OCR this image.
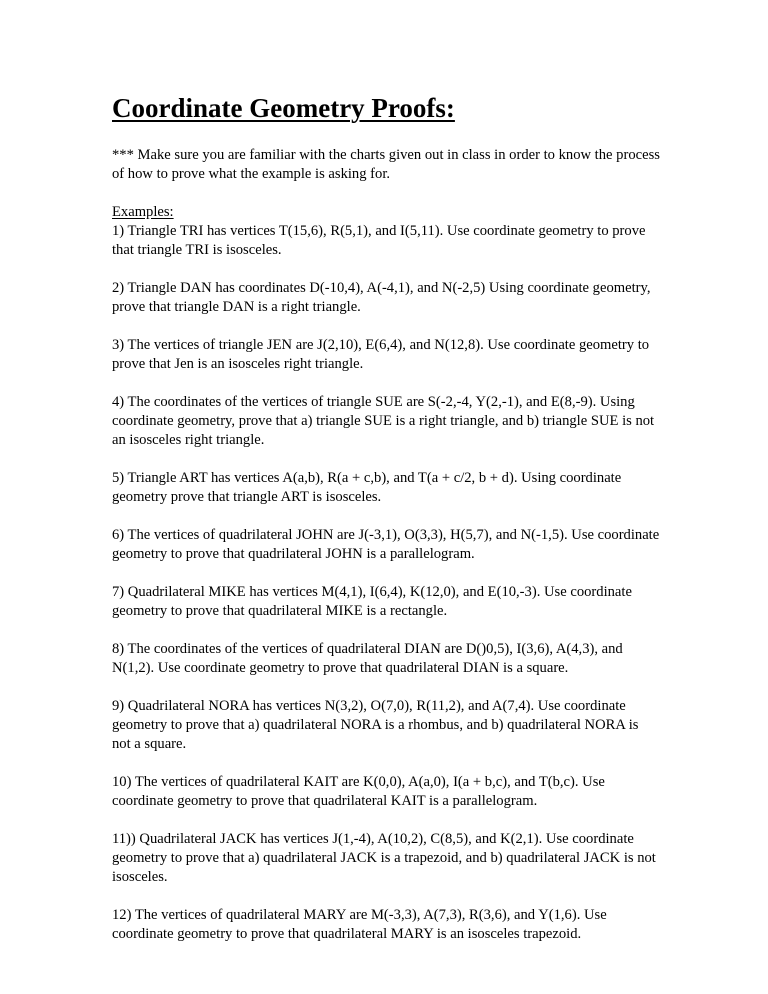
Coordinate Geometry Proofs:

*** Make sure you are familiar with the charts given out in class in order to know the process of how to prove what the example is asking for.

Examples:

1) Triangle TRI has vertices T(15,6), R(5,1), and I(5,11). Use coordinate geometry to prove that triangle TRI is isosceles.

2) Triangle DAN has coordinates D(-10,4), A(-4,1), and N(-2,5) Using coordinate geometry, prove that triangle DAN is a right triangle.

3) The vertices of triangle JEN are J(2,10), E(6,4), and N(12,8). Use coordinate geometry to prove that Jen is an isosceles right triangle.

4) The coordinates of the vertices of triangle SUE are S(-2,-4, Y(2,-1), and E(8,-9). Using coordinate geometry, prove that a) triangle SUE is a right triangle, and b) triangle SUE is not an isosceles right triangle.

5) Triangle ART has vertices A(a,b), R(a + c,b), and T(a + c/2, b + d). Using coordinate geometry prove that triangle ART is isosceles.

6) The vertices of quadrilateral JOHN are J(-3,1), O(3,3), H(5,7), and N(-1,5). Use coordinate geometry to prove that quadrilateral JOHN is a parallelogram.

7) Quadrilateral MIKE has vertices M(4,1), I(6,4), K(12,0), and E(10,-3). Use coordinate geometry to prove that quadrilateral MIKE is a rectangle.

8) The coordinates of the vertices of quadrilateral DIAN are D()0,5), I(3,6), A(4,3), and N(1,2). Use coordinate geometry to prove that quadrilateral DIAN is a square.

9) Quadrilateral NORA has vertices N(3,2), O(7,0), R(11,2), and A(7,4). Use coordinate geometry to prove that a) quadrilateral NORA is a rhombus, and b) quadrilateral NORA is not a square.

10) The vertices of quadrilateral KAIT are K(0,0), A(a,0), I(a + b,c), and T(b,c). Use coordinate geometry to prove that quadrilateral KAIT is a parallelogram.

11)) Quadrilateral JACK has vertices J(1,-4), A(10,2), C(8,5), and K(2,1). Use coordinate geometry to prove that a) quadrilateral JACK is a trapezoid, and b) quadrilateral JACK is not isosceles.

12) The vertices of quadrilateral MARY are M(-3,3), A(7,3), R(3,6), and Y(1,6). Use coordinate geometry to prove that quadrilateral MARY is an isosceles trapezoid.
